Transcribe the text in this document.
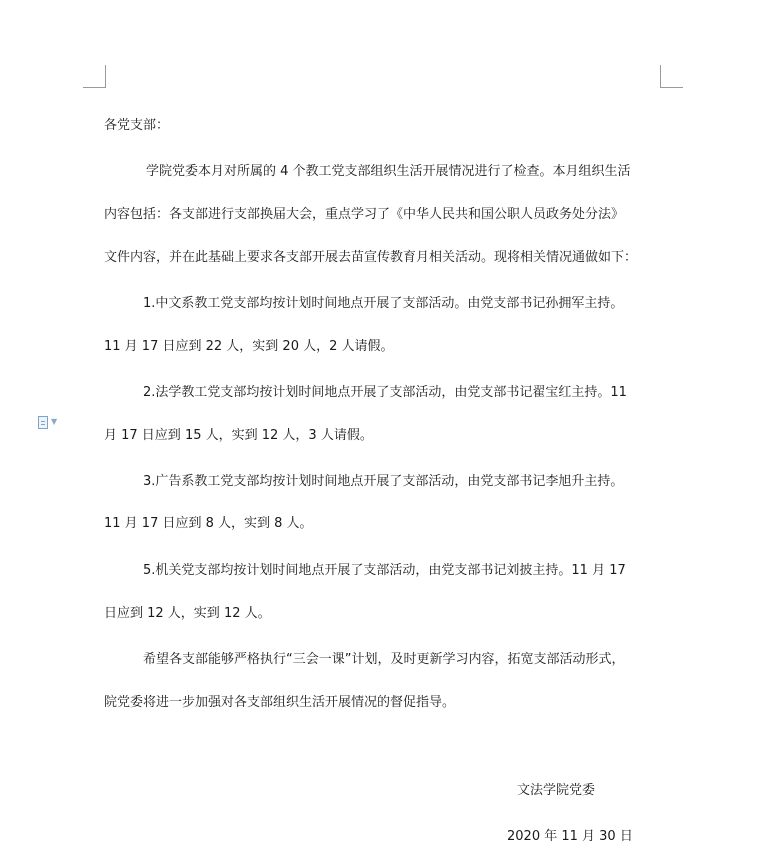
各党支部：
学院党委本月对所属的 4 个教工党支部组织生活开展情况进行了检查。本月组织生活
内容包括：各支部进行支部换届大会，重点学习了《中华人民共和国公职人员政务处分法》
文件内容，并在此基础上要求各支部开展去苗宣传教育月相关活动。现将相关情况通做如下：
1.中文系教工党支部均按计划时间地点开展了支部活动。由党支部书记孙拥军主持。
11 月 17 日应到 22 人，实到 20 人，2 人请假。
2.法学教工党支部均按计划时间地点开展了支部活动，由党支部书记翟宝红主持。11
月 17 日应到 15 人，实到 12 人，3 人请假。
3.广告系教工党支部均按计划时间地点开展了支部活动，由党支部书记李旭升主持。
11 月 17 日应到 8 人，实到 8 人。
5.机关党支部均按计划时间地点开展了支部活动，由党支部书记刘披主持。11 月 17
日应到 12 人，实到 12 人。
希望各支部能够严格执行“三会一课”计划，及时更新学习内容，拓宽支部活动形式，
院党委将进一步加强对各支部组织生活开展情况的督促指导。
文法学院党委
2020 年 11 月 30 日
▼
